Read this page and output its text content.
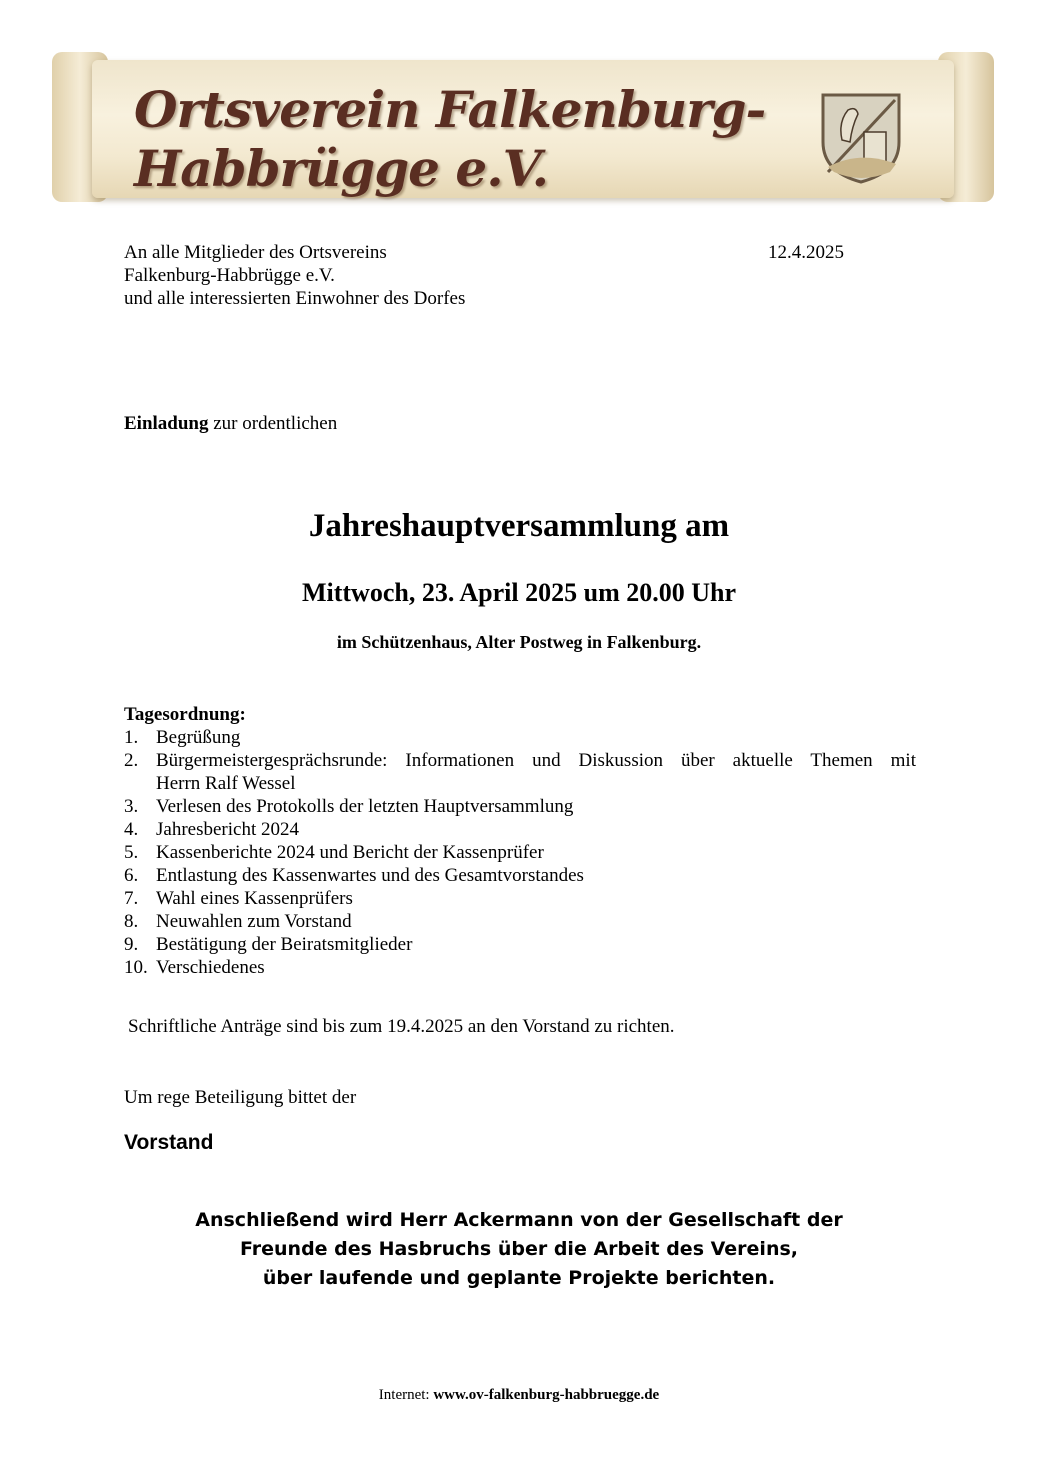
Ortsverein Falkenburg-Habbrügge e.V.
An alle Mitglieder des Ortsvereins
Falkenburg-Habbrügge e.V.
und alle interessierten Einwohner des Dorfes
12.4.2025
Einladung zur ordentlichen
Jahreshauptversammlung am
Mittwoch, 23. April 2025 um 20.00 Uhr
im Schützenhaus, Alter Postweg in Falkenburg.
Tagesordnung:
1. Begrüßung
2. Bürgermeistergesprächsrunde: Informationen und Diskussion über aktuelle Themen mit
Herrn Ralf Wessel
3. Verlesen des Protokolls der letzten Hauptversammlung
4. Jahresbericht 2024
5. Kassenberichte 2024 und Bericht der Kassenprüfer
6. Entlastung des Kassenwartes und des Gesamtvorstandes
7. Wahl eines Kassenprüfers
8. Neuwahlen zum Vorstand
9. Bestätigung der Beiratsmitglieder
10. Verschiedenes
Schriftliche Anträge sind bis zum 19.4.2025 an den Vorstand zu richten.
Um rege Beteiligung bittet der
Vorstand
Anschließend wird Herr Ackermann von der Gesellschaft der
Freunde des Hasbruchs über die Arbeit des Vereins,
über laufende und geplante Projekte berichten.
Internet: www.ov-falkenburg-habbruegge.de
